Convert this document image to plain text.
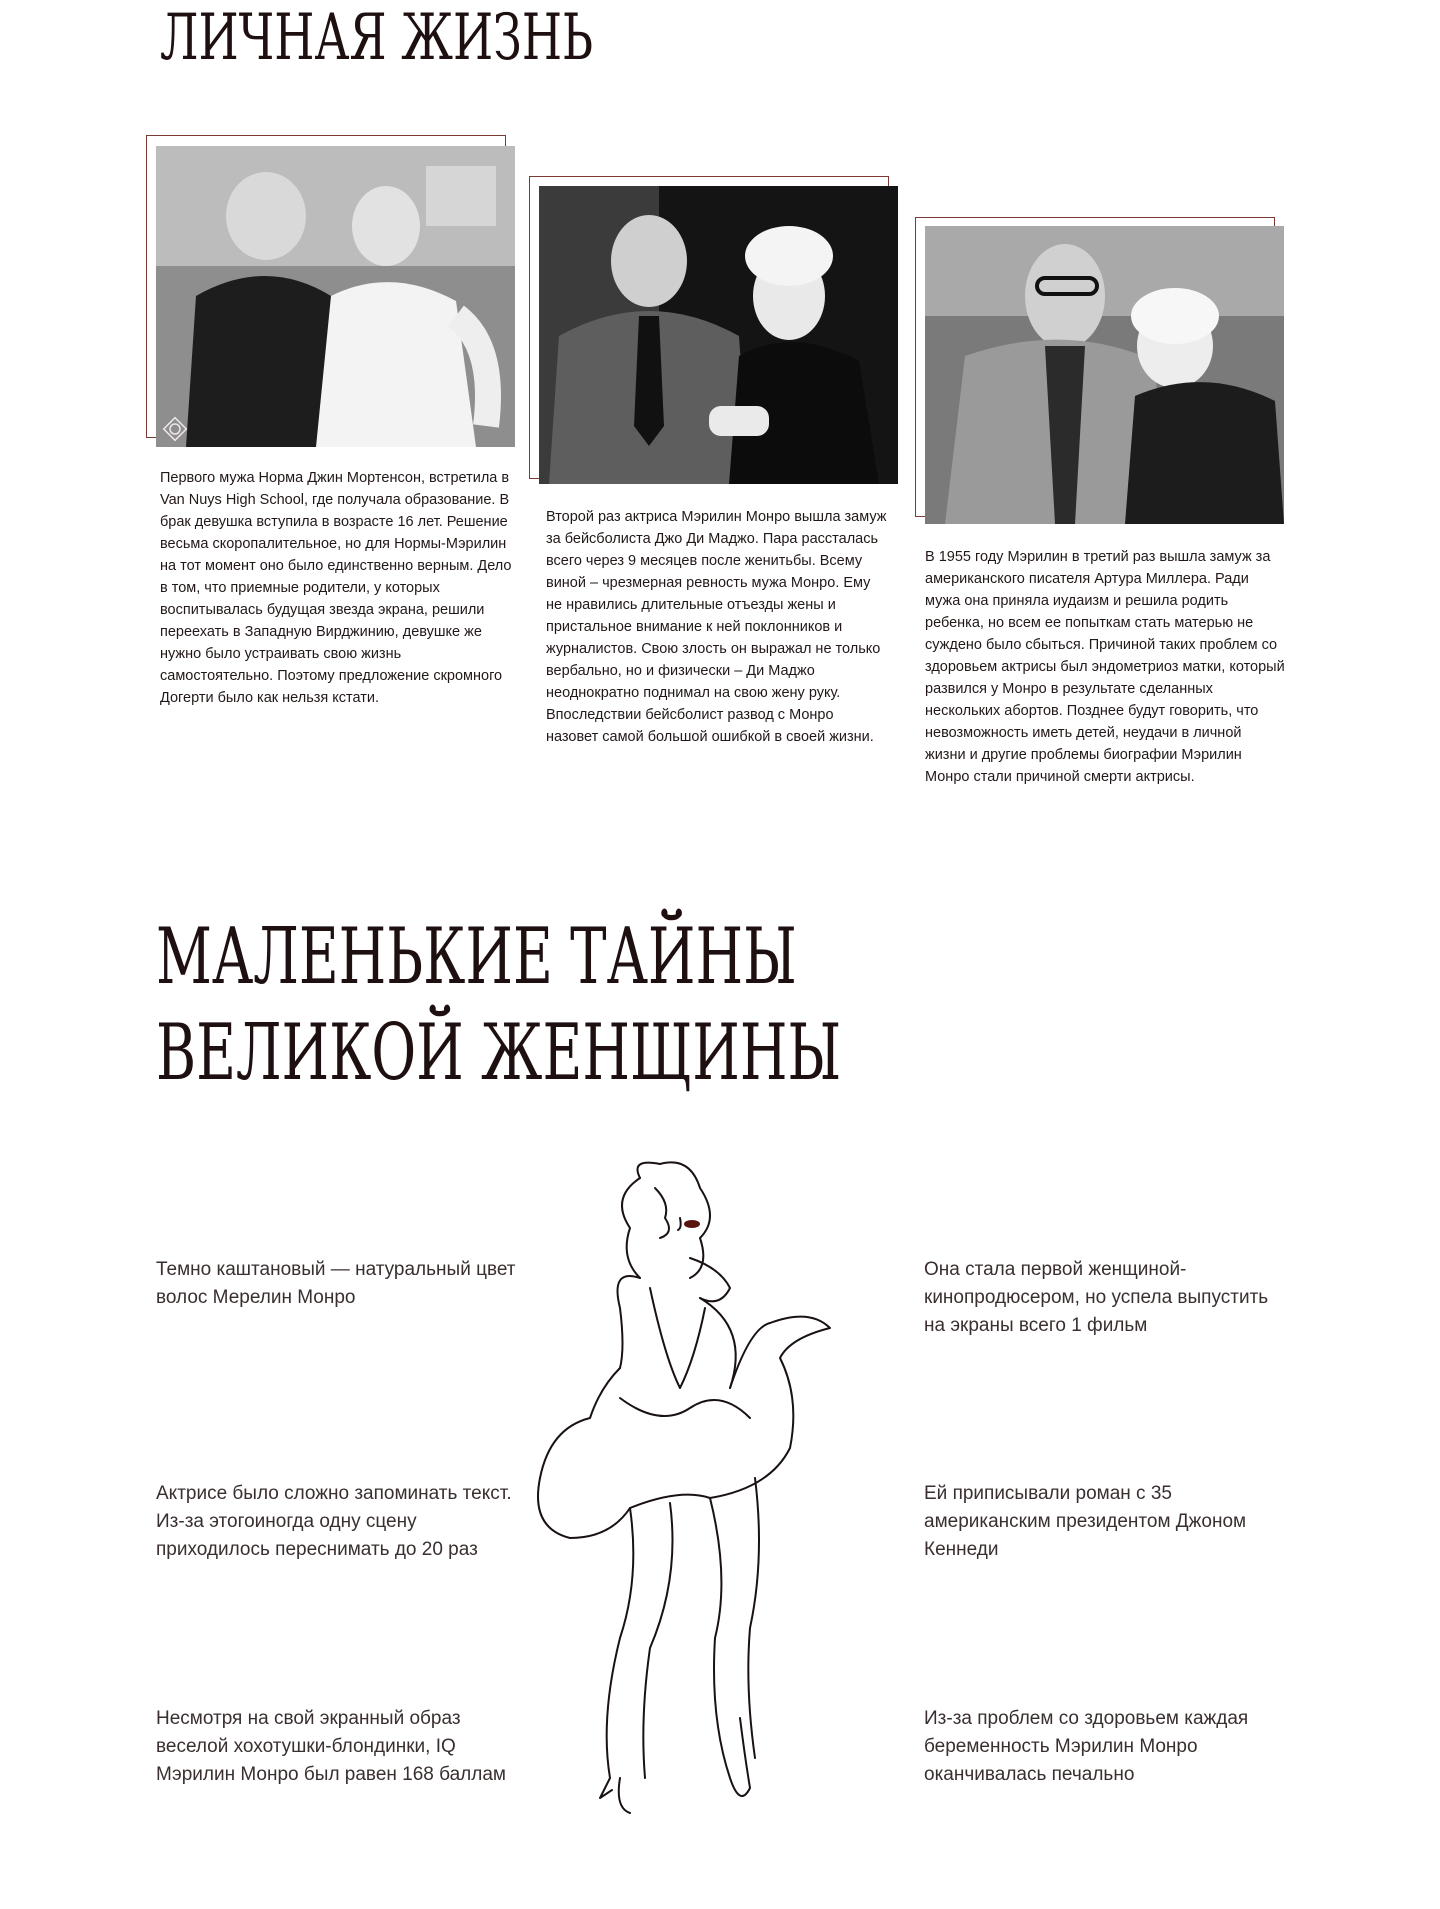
ЛИЧНАЯ ЖИЗНЬ

Первого мужа Норма Джин Мортенсон, встретила в Van Nuys High School, где получала образование. В брак девушка вступила в возрасте 16 лет. Решение весьма скоропалительное, но для Нормы-Мэрилин на тот момент оно было единственно верным. Дело в том, что приемные родители, у которых воспитывалась будущая звезда экрана, решили переехать в Западную Вирджинию, девушке же нужно было устраивать свою жизнь самостоятельно. Поэтому предложение скромного Догерти было как нельзя кстати.

Второй раз актриса Мэрилин Монро вышла замуж за бейсболиста Джо Ди Маджо. Пара рассталась всего через 9 месяцев после женитьбы. Всему виной – чрезмерная ревность мужа Монро. Ему не нравились длительные отъезды жены и пристальное внимание к ней поклонников и журналистов. Свою злость он выражал не только вербально, но и физически – Ди Маджо неоднократно поднимал на свою жену руку. Впоследствии бейсболист развод с Монро назовет самой большой ошибкой в своей жизни.

В 1955 году Мэрилин в третий раз вышла замуж за американского писателя Артура Миллера. Ради мужа она приняла иудаизм и решила родить ребенка, но всем ее попыткам стать матерью не суждено было сбыться. Причиной таких проблем со здоровьем актрисы был эндометриоз матки, который развился у Монро в результате сделанных нескольких абортов. Позднее будут говорить, что невозможность иметь детей, неудачи в личной жизни и другие проблемы биографии Мэрилин Монро стали причиной смерти актрисы.

МАЛЕНЬКИЕ ТАЙНЫ
ВЕЛИКОЙ ЖЕНЩИНЫ

Темно каштановый — натуральный цвет волос Мерелин Монро

Актрисе было сложно запоминать текст. Из-за этогоиногда одну сцену приходилось переснимать до 20 раз

Несмотря на свой экранный образ веселой хохотушки-блондинки, IQ Мэрилин Монро был равен 168 баллам

Она стала первой женщиной-кинопродюсером, но успела выпустить на экраны всего 1 фильм

Ей приписывали роман с 35 американским президентом Джоном Кеннеди

Из-за проблем со здоровьем каждая беременность Мэрилин Монро оканчивалась печально
